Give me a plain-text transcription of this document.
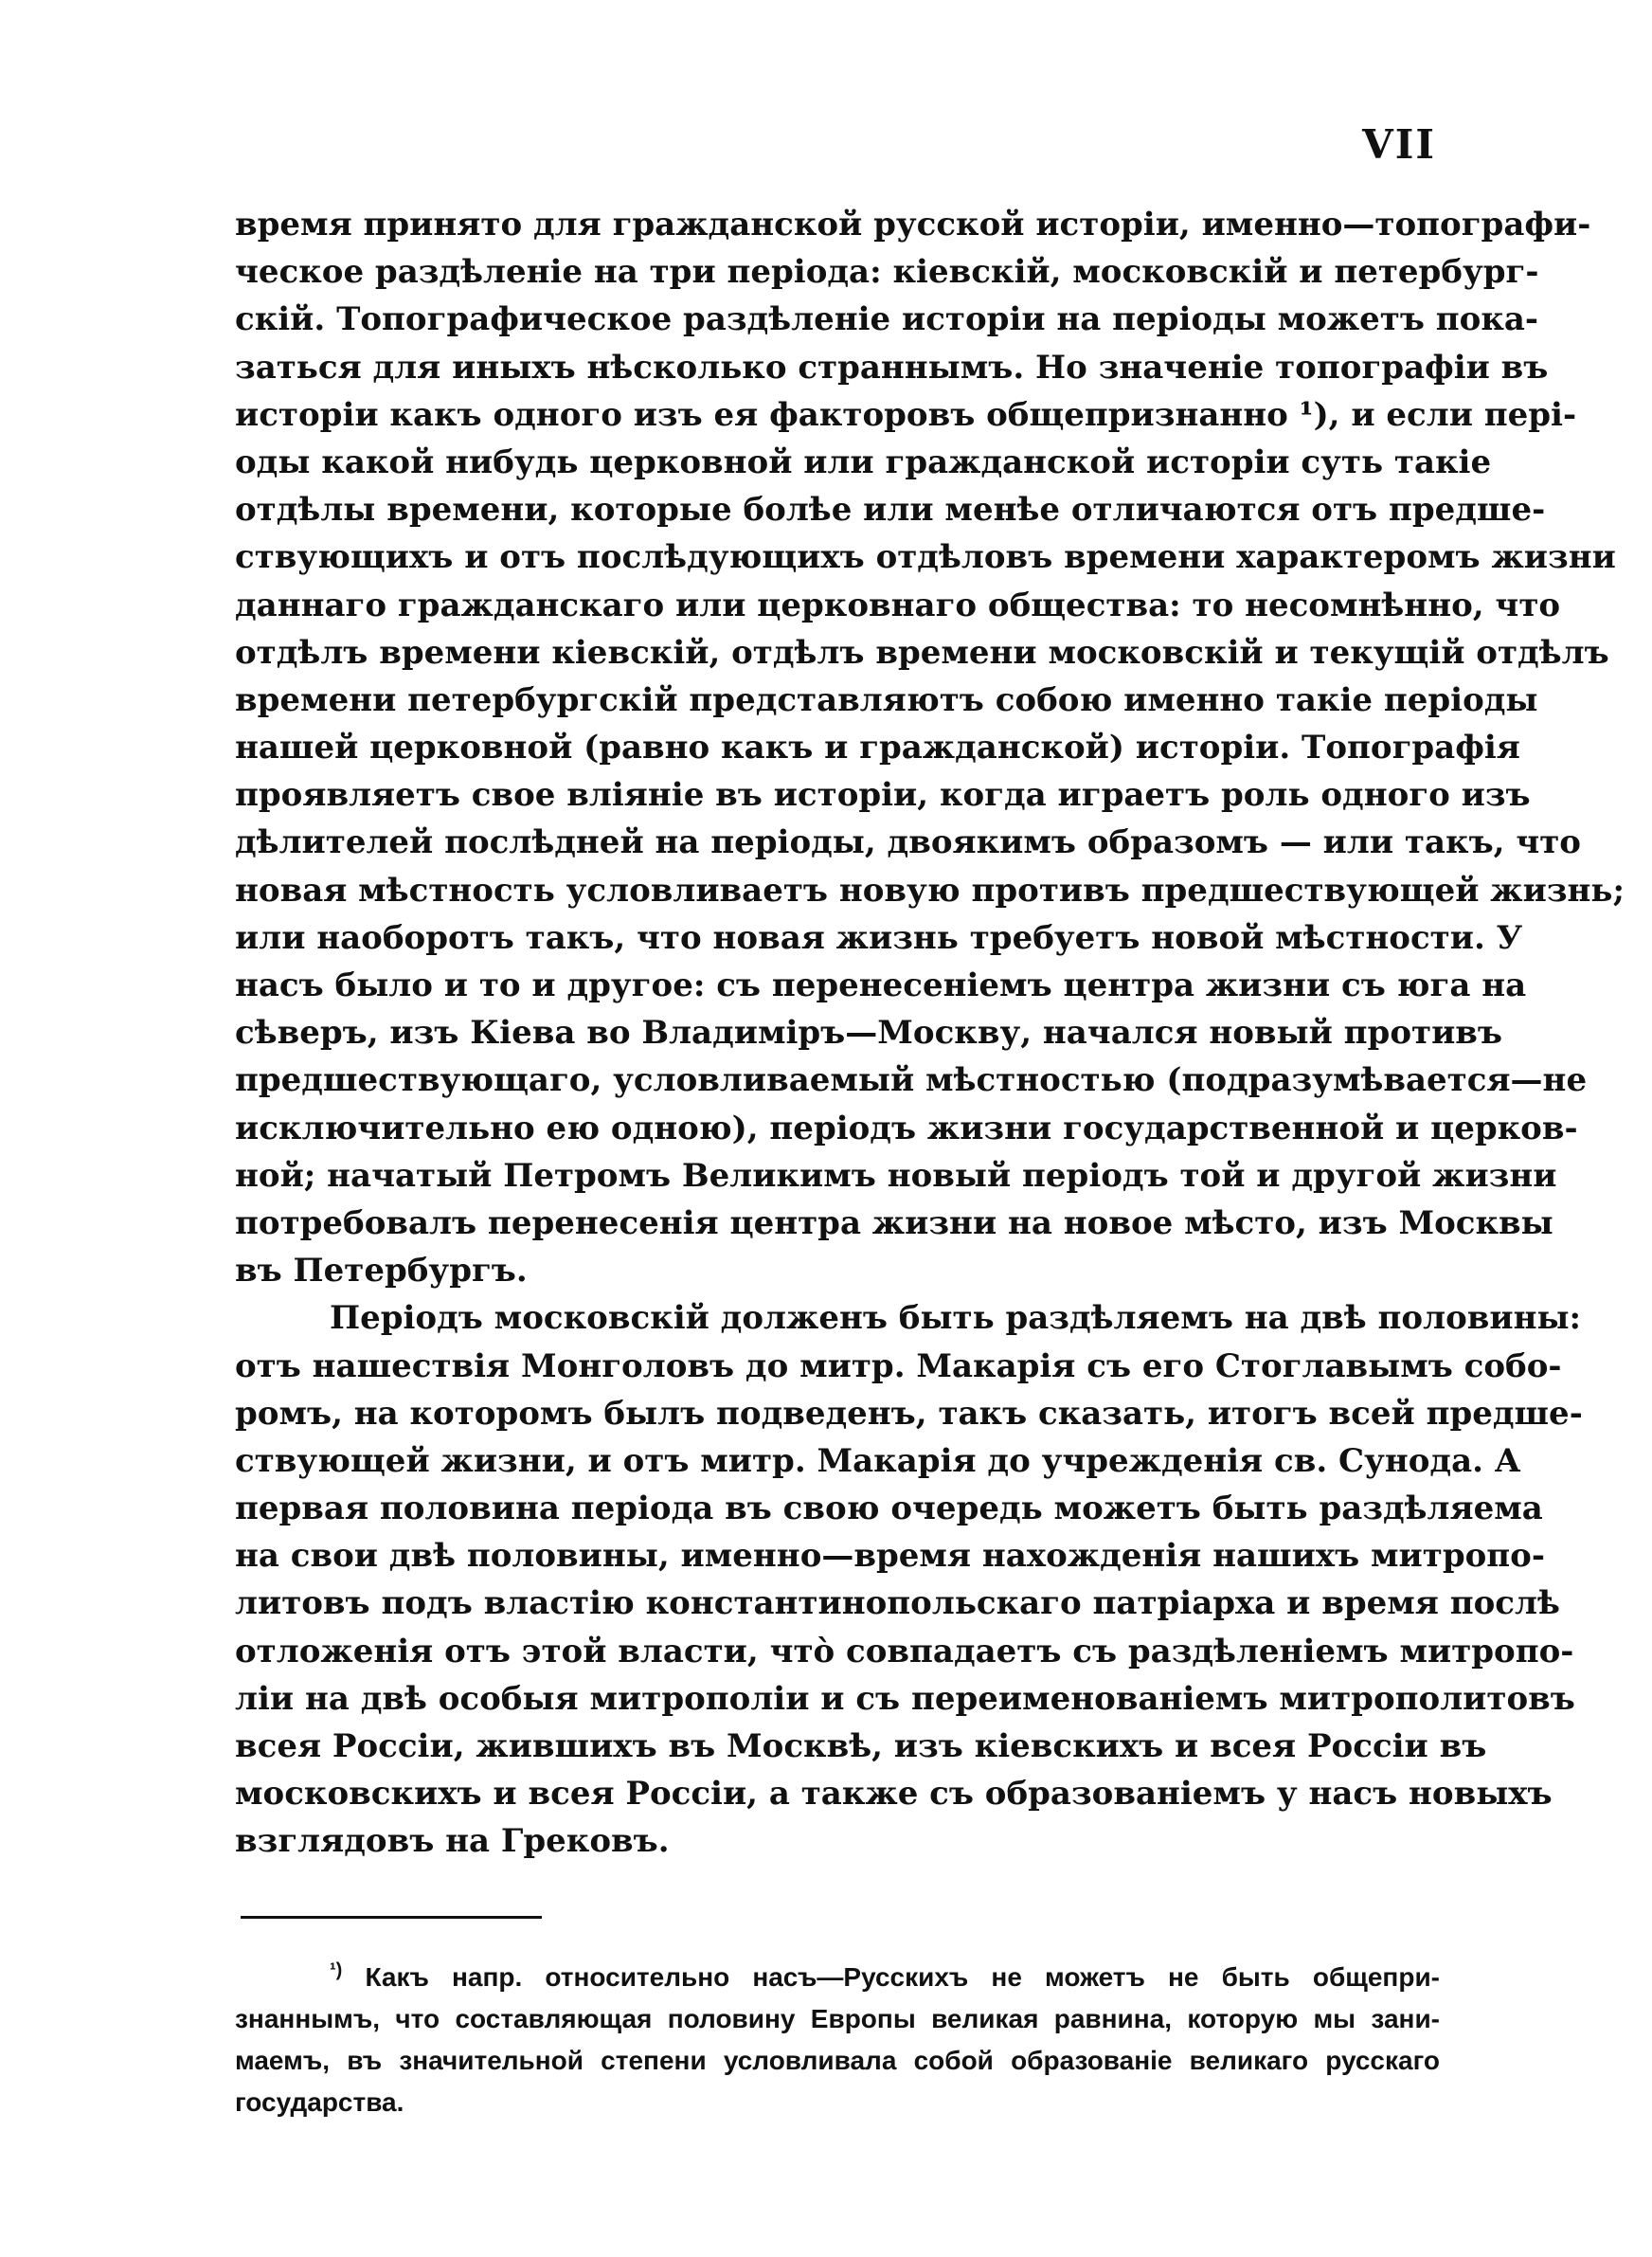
VII
время принято для гражданской русской исторіи, именно—топографи-
ческое раздѣленіе на три періода: кіевскій, московскій и петербург-
скій. Топографическое раздѣленіе исторіи на періоды можетъ пока-
заться для иныхъ нѣсколько страннымъ. Но значеніе топографіи въ
исторіи какъ одного изъ ея факторовъ общепризнанно ¹), и если пері-
оды какой нибудь церковной или гражданской исторіи суть такіе
отдѣлы времени, которые болѣе или менѣе отличаются отъ предше-
ствующихъ и отъ послѣдующихъ отдѣловъ времени характеромъ жизни
даннаго гражданскаго или церковнаго общества: то несомнѣнно, что
отдѣлъ времени кіевскій, отдѣлъ времени московскій и текущій отдѣлъ
времени петербургскій представляютъ собою именно такіе періоды
нашей церковной (равно какъ и гражданской) исторіи. Топографія
проявляетъ свое вліяніе въ исторіи, когда играетъ роль одного изъ
дѣлителей послѣдней на періоды, двоякимъ образомъ — или такъ, что
новая мѣстность условливаетъ новую противъ предшествующей жизнь;
или наоборотъ такъ, что новая жизнь требуетъ новой мѣстности. У
насъ было и то и другое: съ перенесеніемъ центра жизни съ юга на
сѣверъ, изъ Кіева во Владиміръ—Москву, начался новый противъ
предшествующаго, условливаемый мѣстностью (подразумѣвается—не
исключительно ею одною), періодъ жизни государственной и церков-
ной; начатый Петромъ Великимъ новый періодъ той и другой жизни
потребовалъ перенесенія центра жизни на новое мѣсто, изъ Москвы
въ Петербургъ.
Періодъ московскій долженъ быть раздѣляемъ на двѣ половины:
отъ нашествія Монголовъ до митр. Макарія съ его Стоглавымъ собо-
ромъ, на которомъ былъ подведенъ, такъ сказать, итогъ всей предше-
ствующей жизни, и отъ митр. Макарія до учрежденія св. Сунода. А
первая половина періода въ свою очередь можетъ быть раздѣляема
на свои двѣ половины, именно—время нахожденія нашихъ митропо-
литовъ подъ властію константинопольскаго патріарха и время послѣ
отложенія отъ этой власти, чтò совпадаетъ съ раздѣленіемъ митропо-
ліи на двѣ особыя митрополіи и съ переименованіемъ митрополитовъ
всея Россіи, жившихъ въ Москвѣ, изъ кіевскихъ и всея Россіи въ
московскихъ и всея Россіи, а также съ образованіемъ у насъ новыхъ
взглядовъ на Грековъ.
$^{^1)}$ Какъ напр. относительно насъ—Русскихъ не можетъ не быть общепри-
знаннымъ, что составляющая половину Европы великая равнина, которую мы зани-
маемъ, въ значительной степени условливала собой образованіе великаго русскаго
государства.
